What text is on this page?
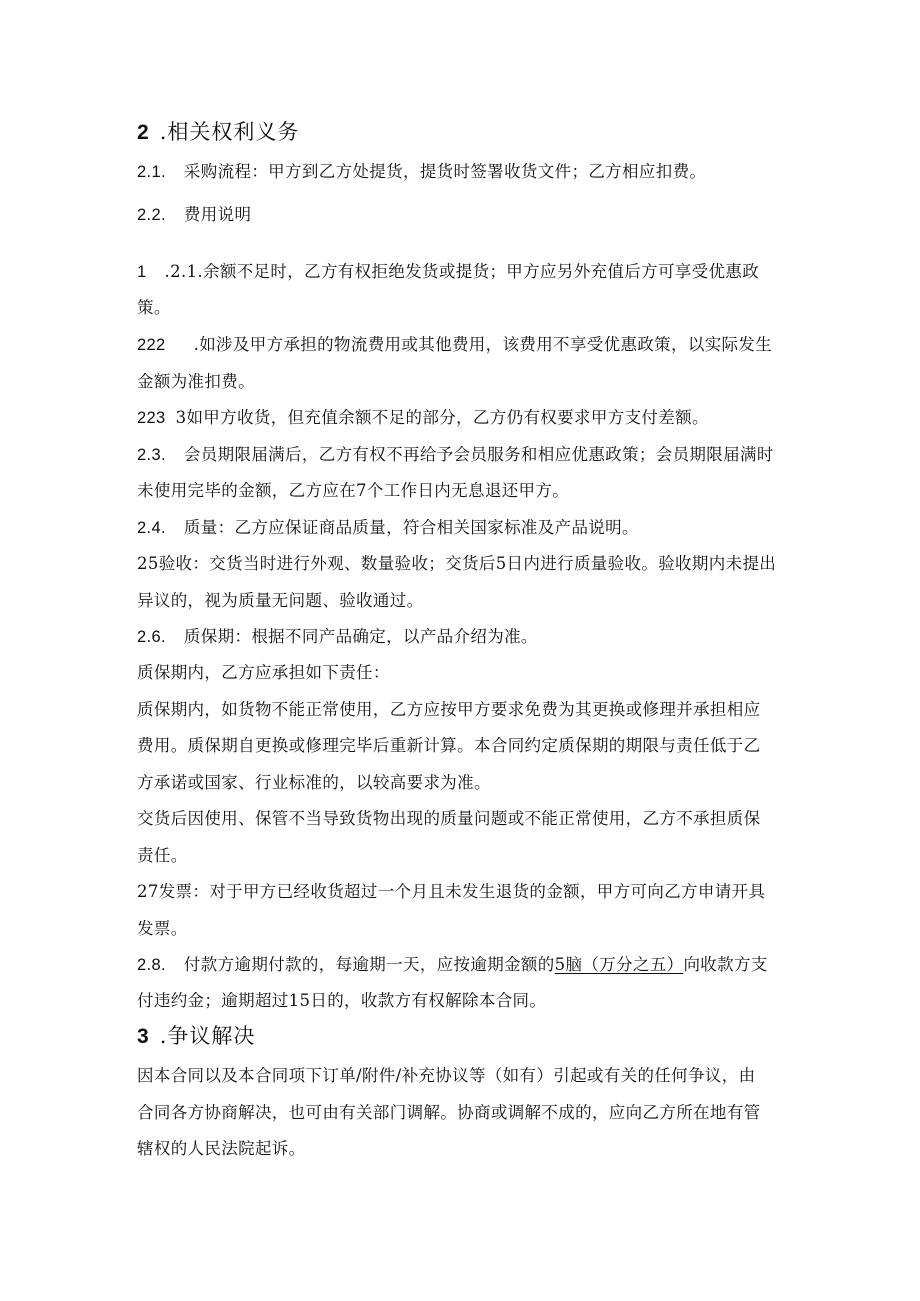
2 .相关权利义务
2.1. 采购流程：甲方到乙方处提货，提货时签署收货文件；乙方相应扣费。
2.2. 费用说明
1 .2.1.余额不足时，乙方有权拒绝发货或提货；甲方应另外充值后方可享受优惠政
策。
222 .如涉及甲方承担的物流费用或其他费用，该费用不享受优惠政策，以实际发生
金额为准扣费。
223 3如甲方收货，但充值余额不足的部分，乙方仍有权要求甲方支付差额。
2.3. 会员期限届满后，乙方有权不再给予会员服务和相应优惠政策；会员期限届满时
未使用完毕的金额，乙方应在7个工作日内无息退还甲方。
2.4. 质量：乙方应保证商品质量，符合相关国家标准及产品说明。
25验收：交货当时进行外观、数量验收；交货后5日内进行质量验收。验收期内未提出
异议的，视为质量无问题、验收通过。
2.6. 质保期：根据不同产品确定，以产品介绍为准。
质保期内，乙方应承担如下责任：
质保期内，如货物不能正常使用，乙方应按甲方要求免费为其更换或修理并承担相应
费用。质保期自更换或修理完毕后重新计算。本合同约定质保期的期限与责任低于乙
方承诺或国家、行业标准的，以较高要求为准。
交货后因使用、保管不当导致货物出现的质量问题或不能正常使用，乙方不承担质保
责任。
27发票：对于甲方已经收货超过一个月且未发生退货的金额，甲方可向乙方申请开具
发票。
2.8. 付款方逾期付款的，每逾期一天，应按逾期金额的5脑（万分之五）向收款方支
付违约金；逾期超过15日的，收款方有权解除本合同。
3 .争议解决
因本合同以及本合同项下订单/附件/补充协议等（如有）引起或有关的任何争议，由
合同各方协商解决，也可由有关部门调解。协商或调解不成的，应向乙方所在地有管
辖权的人民法院起诉。
